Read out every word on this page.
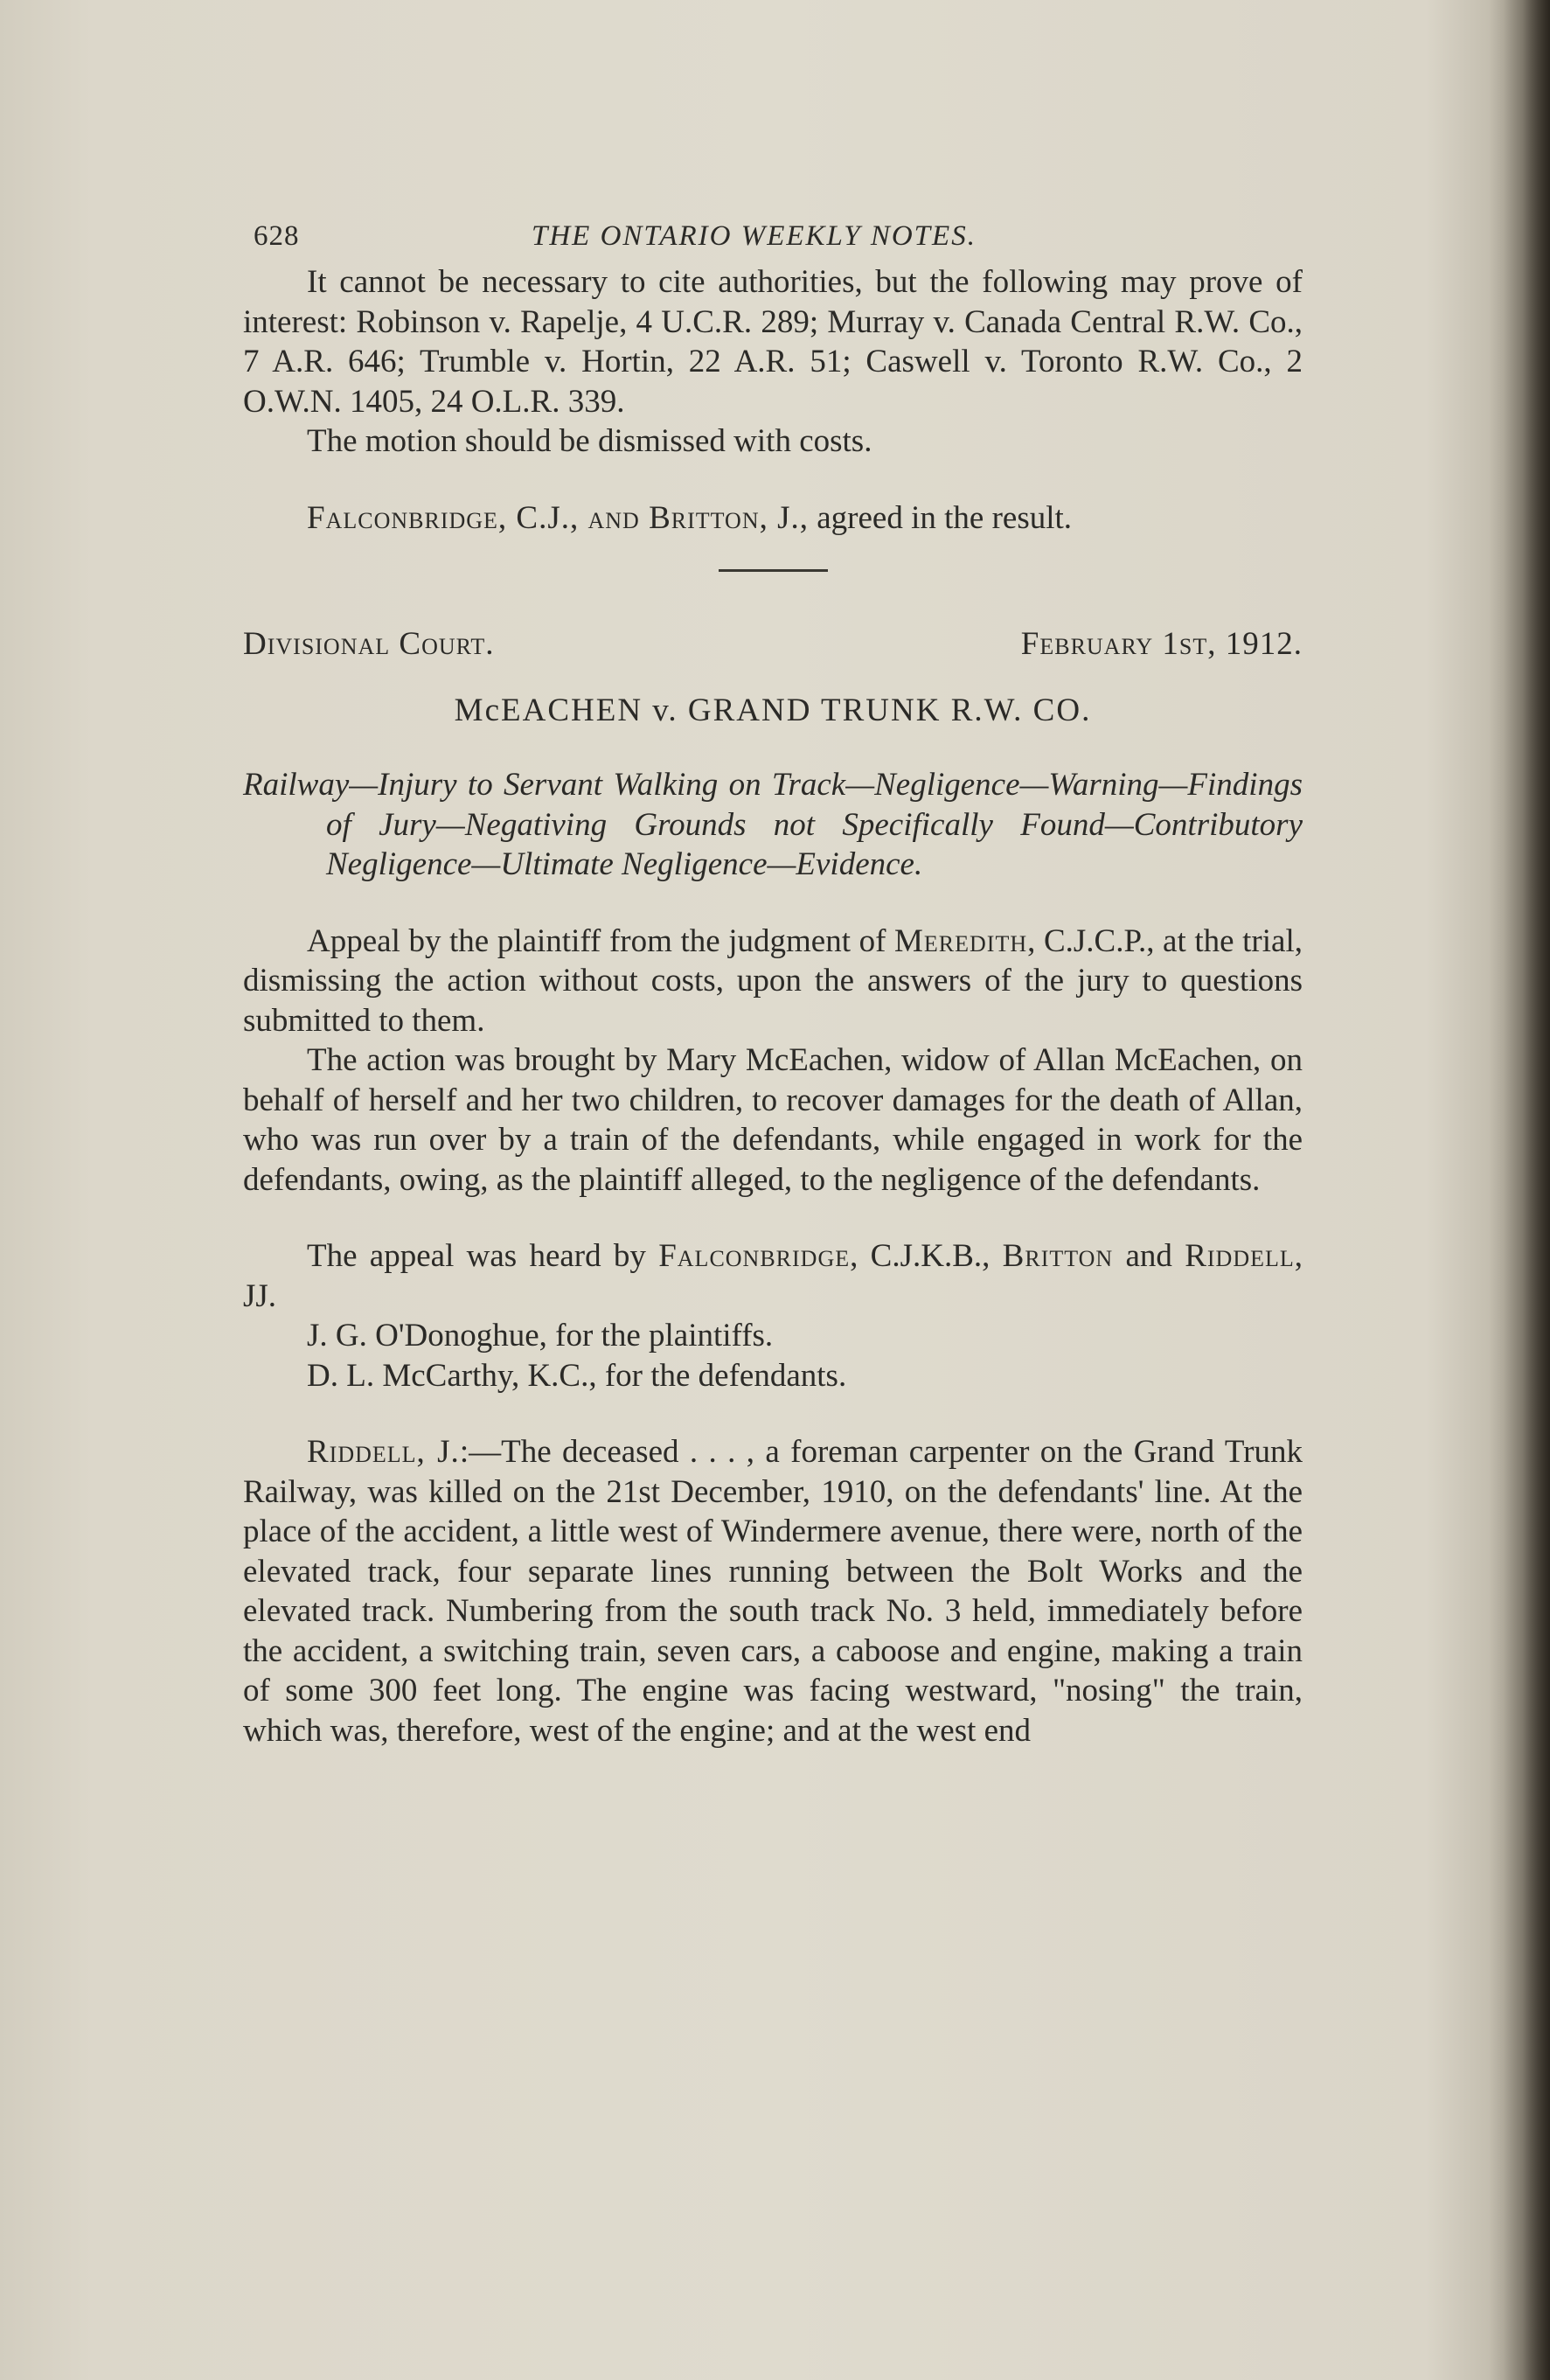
628	THE ONTARIO WEEKLY NOTES.

It cannot be necessary to cite authorities, but the following may prove of interest: Robinson v. Rapelje, 4 U.C.R. 289; Murray v. Canada Central R.W. Co., 7 A.R. 646; Trumble v. Hortin, 22 A.R. 51; Caswell v. Toronto R.W. Co., 2 O.W.N. 1405, 24 O.L.R. 339.

The motion should be dismissed with costs.

Falconbridge, C.J., and Britton, J., agreed in the result.

Divisional Court.	February 1st, 1912.
McEACHEN v. GRAND TRUNK R.W. CO.

Railway—Injury to Servant Walking on Track—Negligence—Warning—Findings of Jury—Negativing Grounds not Specifically Found—Contributory Negligence—Ultimate Negligence—Evidence.

Appeal by the plaintiff from the judgment of Meredith, C.J.C.P., at the trial, dismissing the action without costs, upon the answers of the jury to questions submitted to them.

The action was brought by Mary McEachen, widow of Allan McEachen, on behalf of herself and her two children, to recover damages for the death of Allan, who was run over by a train of the defendants, while engaged in work for the defendants, owing, as the plaintiff alleged, to the negligence of the defendants.

The appeal was heard by Falconbridge, C.J.K.B., Britton and Riddell, JJ.

J. G. O'Donoghue, for the plaintiffs.

D. L. McCarthy, K.C., for the defendants.

Riddell, J.:—The deceased . . . , a foreman carpenter on the Grand Trunk Railway, was killed on the 21st December, 1910, on the defendants' line. At the place of the accident, a little west of Windermere avenue, there were, north of the elevated track, four separate lines running between the Bolt Works and the elevated track. Numbering from the south track No. 3 held, immediately before the accident, a switching train, seven cars, a caboose and engine, making a train of some 300 feet long. The engine was facing westward, "nosing" the train, which was, therefore, west of the engine; and at the west end
